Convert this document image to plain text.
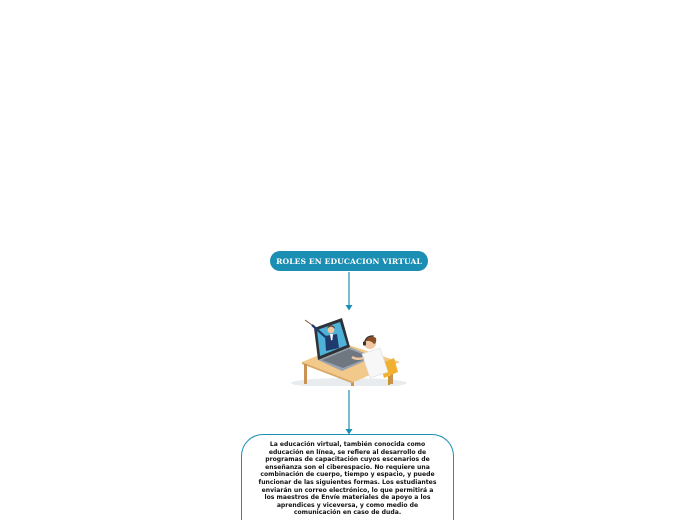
ROLES EN EDUCACION VIRTUAL
La educación virtual, también conocida como educación en línea, se refiere al desarrollo de programas de capacitación cuyos escenarios de enseñanza son el ciberespacio. No requiere una combinación de cuerpo, tiempo y espacio, y puede funcionar de las siguientes formas. Los estudiantes enviarán un correo electrónico, lo que permitirá a los maestros de Envíe materiales de apoyo a los aprendices y viceversa, y como medio de comunicación en caso de duda.
